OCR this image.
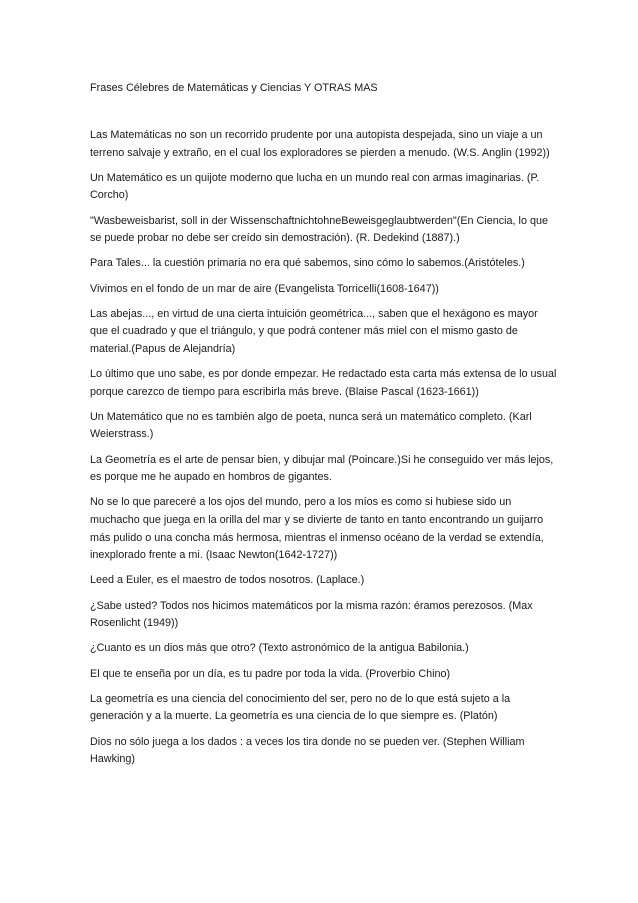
Frases Célebres de Matemáticas y Ciencias Y OTRAS MAS

Las Matemáticas no son un recorrido prudente por una autopista despejada, sino un viaje a un terreno salvaje y extraño, en el cual los exploradores se pierden a menudo. (W.S. Anglin (1992))

Un Matemático es un quijote moderno que lucha en un mundo real con armas imaginarias. (P. Corcho)

"Wasbeweisbarist, soll in der WissenschaftnichtohneBeweisgeglaubtwerden"(En Ciencia, lo que se puede probar no debe ser creído sin demostración). (R. Dedekind (1887).)

Para Tales... la cuestión primaria no era qué sabemos, sino cómo lo sabemos.(Aristóteles.)

Vivimos en el fondo de un mar de aire (Evangelista Torricelli(1608-1647))

Las abejas..., en virtud de una cierta intuición geométrica..., saben que el hexágono es mayor que el cuadrado y que el triángulo, y que podrá contener más miel con el mismo gasto de material.(Papus de Alejandría)

Lo último que uno sabe, es por donde empezar. He redactado esta carta más extensa de lo usual porque carezco de tiempo para escribirla más breve. (Blaise Pascal (1623-1661))

Un Matemático que no es también algo de poeta, nunca será un matemático completo. (Karl Weierstrass.)

La Geometría es el arte de pensar bien, y dibujar mal (Poincare.)Si he conseguido ver más lejos, es porque me he aupado en hombros de gigantes.

No se lo que pareceré a los ojos del mundo, pero a los míos es como si hubiese sido un muchacho que juega en la orilla del mar y se divierte de tanto en tanto encontrando un guijarro más pulido o una concha más hermosa, mientras el inmenso océano de la verdad se extendía, inexplorado frente a mi. (Isaac Newton(1642-1727))

Leed a Euler, es el maestro de todos nosotros. (Laplace.)

¿Sabe usted? Todos nos hicimos matemáticos por la misma razón: éramos perezosos. (Max Rosenlicht (1949))

¿Cuanto es un dios más que otro? (Texto astronómico de la antigua Babilonia.)

El que te enseña por un día, es tu padre por toda la vida. (Proverbio Chino)

La geometría es una ciencia del conocimiento del ser, pero no de lo que está sujeto a la generación y a la muerte. La geometría es una ciencia de lo que siempre es. (Platón)

Dios no sólo juega a los dados : a veces los tira donde no se pueden ver. (Stephen William Hawking)
